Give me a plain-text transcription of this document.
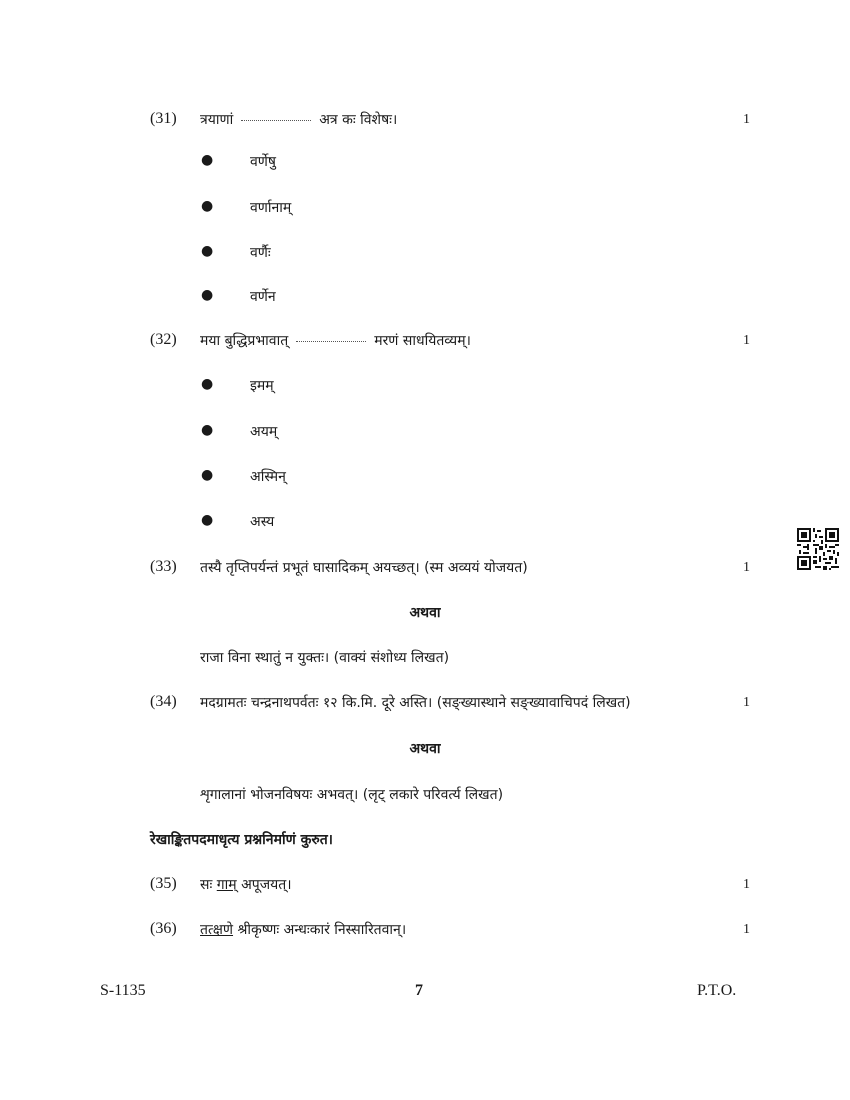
(31) त्रयाणां	अत्र कः विशेषः।	1
●	वर्णेषु
●	वर्णानाम्
●	वर्णैः
●	वर्णेन
(32) मया बुद्धिप्रभावात्	मरणं साधयितव्यम्।	1
●	इमम्
●	अयम्
●	अस्मिन्
●	अस्य
(33) तस्यै तृप्तिपर्यन्तं प्रभूतं घासादिकम् अयच्छत्। (स्म अव्ययं योजयत)	1
अथवा
राजा विना स्थातुं न युक्तः। (वाक्यं संशोध्य लिखत)
(34) मदग्रामतः चन्द्रनाथपर्वतः १२ कि.मि. दूरे अस्ति। (सङ्ख्यास्थाने सङ्ख्यावाचिपदं लिखत)	1
अथवा
शृगालानां भोजनविषयः अभवत्। (लृट् लकारे परिवर्त्य लिखत)
रेखाङ्कितपदमाधृत्य प्रश्ननिर्माणं कुरुत।
(35) सः गाम् अपूजयत्।	1
(36) तत्क्षणे श्रीकृष्णः अन्धःकारं निस्सारितवान्।	1
S-1135	7	P.T.O.
